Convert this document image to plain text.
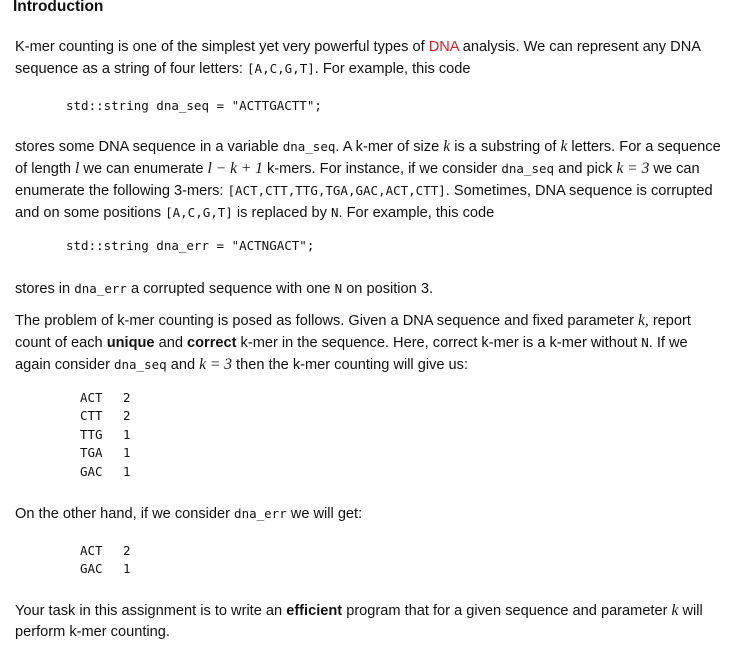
Introduction
K-mer counting is one of the simplest yet very powerful types of DNA analysis. We can represent any DNA sequence as a string of four letters: [A,C,G,T]. For example, this code
std::string dna_seq = "ACTTGACTT";
stores some DNA sequence in a variable dna_seq. A k-mer of size k is a substring of k letters. For a sequence of length l we can enumerate l − k + 1 k-mers. For instance, if we consider dna_seq and pick k = 3 we can enumerate the following 3-mers: [ACT,CTT,TTG,TGA,GAC,ACT,CTT]. Sometimes, DNA sequence is corrupted and on some positions [A,C,G,T] is replaced by N. For example, this code
std::string dna_err = "ACTNGACT";
stores in dna_err a corrupted sequence with one N on position 3.
The problem of k-mer counting is posed as follows. Given a DNA sequence and fixed parameter k, report count of each unique and correct k-mer in the sequence. Here, correct k-mer is a k-mer without N. If we again consider dna_seq and k = 3 then the k-mer counting will give us:
ACT 2
CTT 2
TTG 1
TGA 1
GAC 1
On the other hand, if we consider dna_err we will get:
ACT 2
GAC 1
Your task in this assignment is to write an efficient program that for a given sequence and parameter k will perform k-mer counting.
